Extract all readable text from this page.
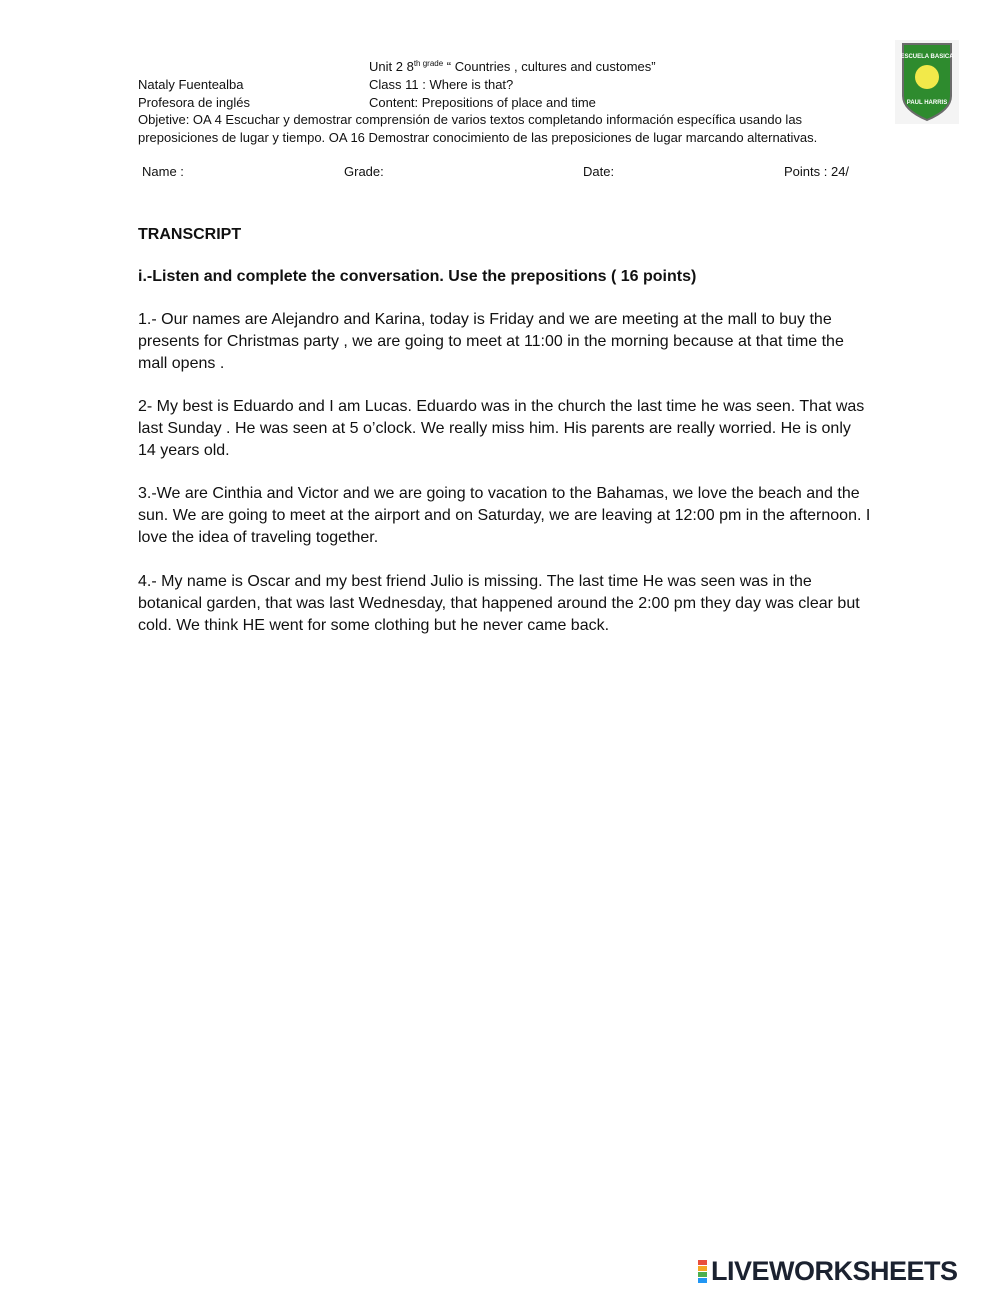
Unit 2 $8^{th grade}$ “ Countries , cultures and customes”
Nataly Fuentealba	Class 11 : Where is that?
Profesora de inglés	Content: Prepositions of place and time
Objetive: OA 4 Escuchar y demostrar comprensión de varios textos completando información específica usando las preposiciones de lugar y tiempo. OA 16 Demostrar conocimiento de las preposiciones de lugar marcando alternativas.
Name :	Grade:	Date:	Points : 24/
ESCUELA BASICA
PAUL HARRIS
TRANSCRIPT
i.-Listen and complete the conversation. Use the prepositions ( 16 points)
1.- Our names are Alejandro and Karina, today is Friday and we are meeting at the mall to buy the presents for Christmas party , we are going to meet at 11:00 in the morning because at that time the mall opens .
2- My best is Eduardo and I am Lucas. Eduardo was in the church the last time he was seen. That was last Sunday . He was seen at 5 o’clock. We really miss him. His parents are really worried. He is only 14 years old.
3.-We are Cinthia and Victor and we are going to vacation to the Bahamas, we love the beach and the sun. We are going to meet at the airport and on Saturday, we are leaving at 12:00 pm in the afternoon. I love the idea of traveling together.
4.- My name is Oscar and my best friend Julio is missing. The last time He was seen was in the botanical garden, that was last Wednesday, that happened around the 2:00 pm they day was clear but cold. We think HE went for some clothing but he never came back.
LIVEWORKSHEETS
